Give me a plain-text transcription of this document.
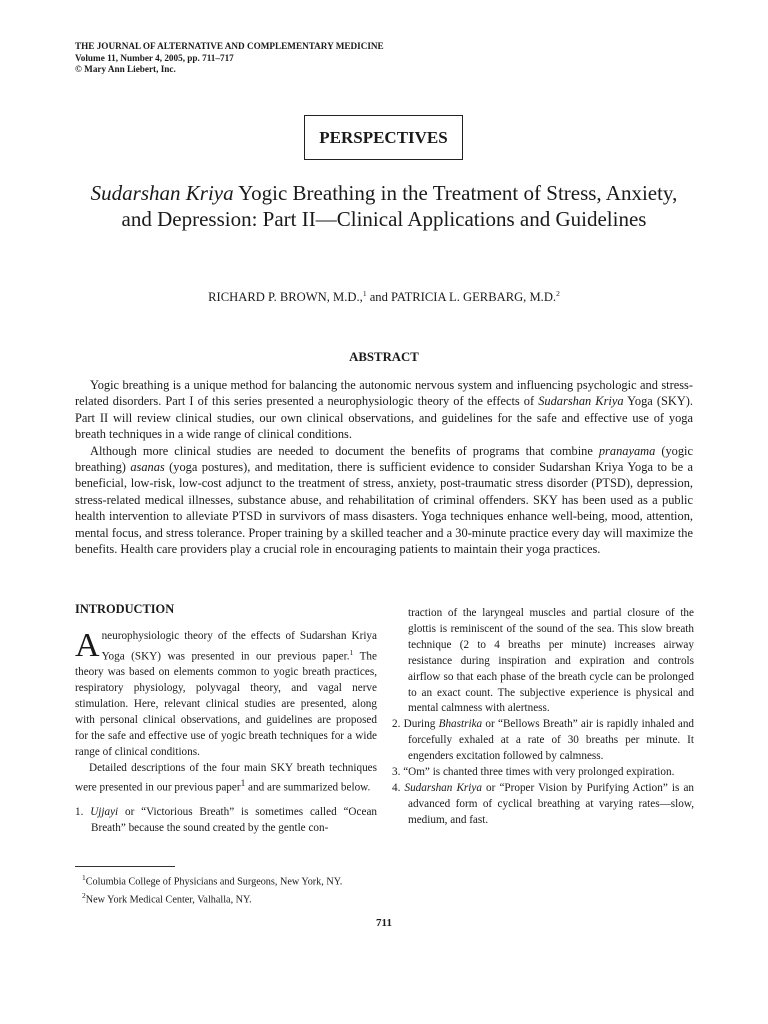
THE JOURNAL OF ALTERNATIVE AND COMPLEMENTARY MEDICINE
Volume 11, Number 4, 2005, pp. 711–717
© Mary Ann Liebert, Inc.
PERSPECTIVES
Sudarshan Kriya Yogic Breathing in the Treatment of Stress, Anxiety, and Depression: Part II—Clinical Applications and Guidelines
RICHARD P. BROWN, M.D.,$^1$ and PATRICIA L. GERBARG, M.D.$^2$
ABSTRACT

Yogic breathing is a unique method for balancing the autonomic nervous system and influencing psychologic and stress-related disorders. Part I of this series presented a neurophysiologic theory of the effects of Sudarshan Kriya Yoga (SKY). Part II will review clinical studies, our own clinical observations, and guidelines for the safe and effective use of yoga breath techniques in a wide range of clinical conditions.

Although more clinical studies are needed to document the benefits of programs that combine pranayama (yogic breathing) asanas (yoga postures), and meditation, there is sufficient evidence to consider Sudarshan Kriya Yoga to be a beneficial, low-risk, low-cost adjunct to the treatment of stress, anxiety, post-traumatic stress disorder (PTSD), depression, stress-related medical illnesses, substance abuse, and rehabilitation of criminal offenders. SKY has been used as a public health intervention to alleviate PTSD in survivors of mass disasters. Yoga techniques enhance well-being, mood, attention, mental focus, and stress tolerance. Proper training by a skilled teacher and a 30-minute practice every day will maximize the benefits. Health care providers play a crucial role in encouraging patients to maintain their yoga practices.

INTRODUCTION

Aneurophysiologic theory of the effects of Sudarshan Kriya Yoga (SKY) was presented in our previous paper.$^1$ The theory was based on elements common to yogic breath practices, respiratory physiology, polyvagal theory, and vagal nerve stimulation. Here, relevant clinical studies are presented, along with personal clinical observations, and guidelines are proposed for the safe and effective use of yogic breath techniques for a wide range of clinical conditions.

Detailed descriptions of the four main SKY breath techniques were presented in our previous paper$^1$ and are summarized below.

1. Ujjayi or “Victorious Breath” is sometimes called “Ocean Breath” because the sound created by the gentle con-

traction of the laryngeal muscles and partial closure of the glottis is reminiscent of the sound of the sea. This slow breath technique (2 to 4 breaths per minute) increases airway resistance during inspiration and expiration and controls airflow so that each phase of the breath cycle can be prolonged to an exact count. The subjective experience is physical and mental calmness with alertness.

2. During Bhastrika or “Bellows Breath” air is rapidly inhaled and forcefully exhaled at a rate of 30 breaths per minute. It engenders excitation followed by calmness.

3. “Om” is chanted three times with very prolonged expiration.

4. Sudarshan Kriya or “Proper Vision by Purifying Action” is an advanced form of cyclical breathing at varying rates—slow, medium, and fast.

$^1$Columbia College of Physicians and Surgeons, New York, NY.
$^2$New York Medical Center, Valhalla, NY.
711
